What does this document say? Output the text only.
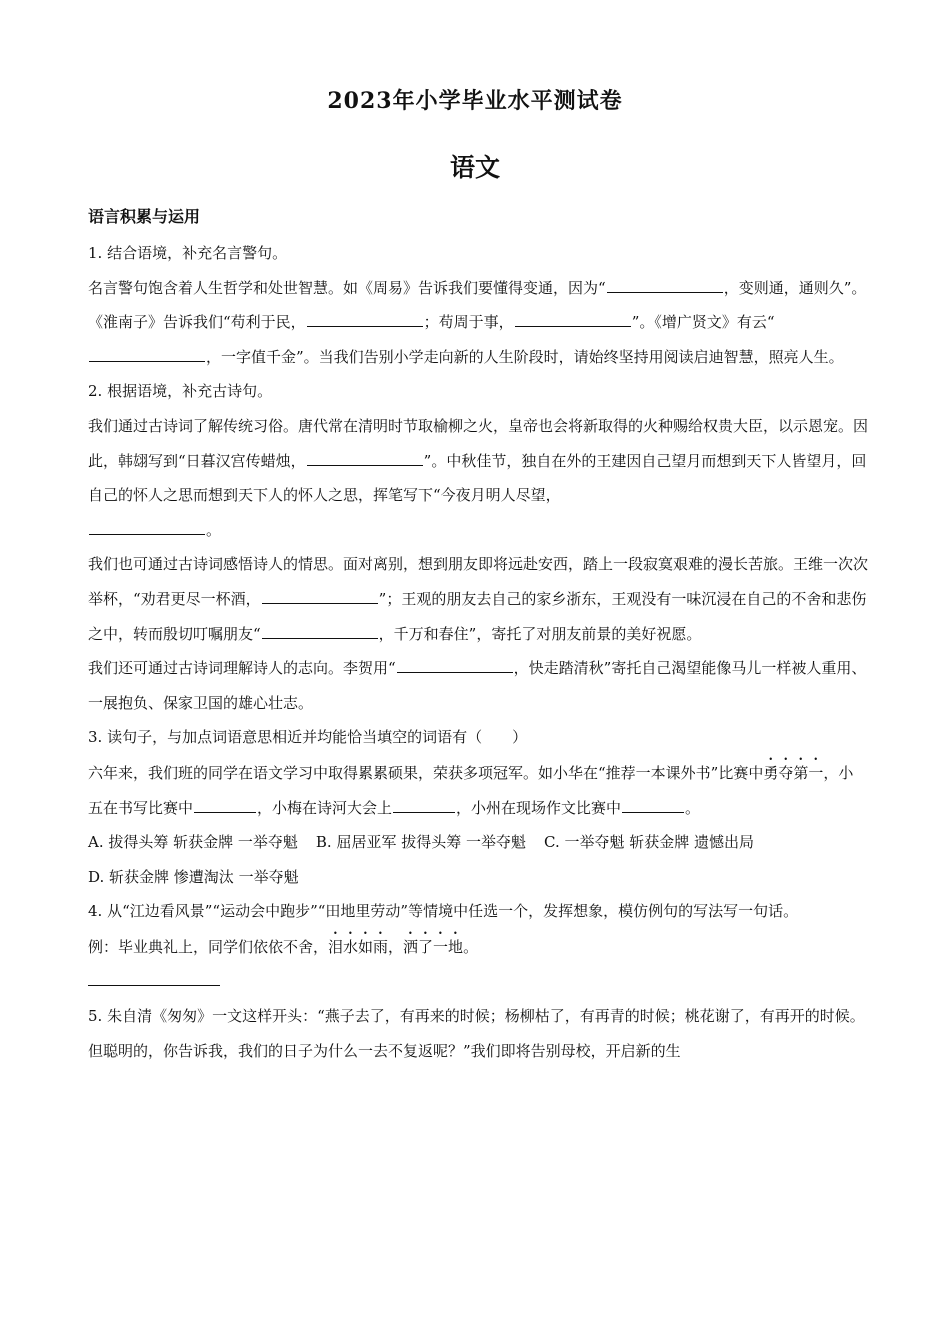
2023年小学毕业水平测试卷
语文
语言积累与运用

1. 结合语境，补充名言警句。

名言警句饱含着人生哲学和处世智慧。如《周易》告诉我们要懂得变通，因为“	，变则通，通则久”。《淮南子》告诉我们“苟利于民，	；苟周于事，	”。《增广贤文》有云“，一字值千金”。当我们告别小学走向新的人生阶段时，请始终坚持用阅读启迪智慧，照亮人生。

2. 根据语境，补充古诗句。

我们通过古诗词了解传统习俗。唐代常在清明时节取榆柳之火，皇帝也会将新取得的火种赐给权贵大臣，以示恩宠。因此，韩翃写到“日暮汉宫传蜡烛，	”。中秋佳节，独自在外的王建因自己望月而想到天下人皆望月，回自己的怀人之思而想到天下人的怀人之思，挥笔写下“今夜月明人尽望，
。

我们也可通过古诗词感悟诗人的情思。面对离别，想到朋友即将远赴安西，踏上一段寂寞艰难的漫长苦旅。王维一次次举杯，“劝君更尽一杯酒，	”；王观的朋友去自己的家乡浙东，王观没有一味沉浸在自己的不舍和悲伤之中，转而殷切叮嘱朋友“	，千万和春住”，寄托了对朋友前景的美好祝愿。

我们还可通过古诗词理解诗人的志向。李贺用“	，快走踏清秋”寄托自己渴望能像马儿一样被人重用、一展抱负、保家卫国的雄心壮志。

3. 读句子，与加点词语意思相近并均能恰当填空的词语有（　　）

六年来，我们班的同学在语文学习中取得累累硕果，荣获多项冠军。如小华在“推荐一本课外书”比赛中勇夺第一，小五在书写比赛中	，小梅在诗河大会上	，小州在现场作文比赛中	。

A. 拔得头筹 斩获金牌 一举夺魁 B. 屈居亚军 拔得头筹 一举夺魁 C. 一举夺魁 斩获金牌 遗憾出局

D. 斩获金牌 惨遭淘汰 一举夺魁

4. 从“江边看风景”“运动会中跑步”“田地里劳动”等情境中任选一个，发挥想象，模仿例句的写法写一句话。

例：毕业典礼上，同学们依依不舍，泪水如雨，洒了一地。

5. 朱自清《匆匆》一文这样开头：“燕子去了，有再来的时候；杨柳枯了，有再青的时候；桃花谢了，有再开的时候。但聪明的，你告诉我，我们的日子为什么一去不复返呢？”我们即将告别母校，开启新的生
